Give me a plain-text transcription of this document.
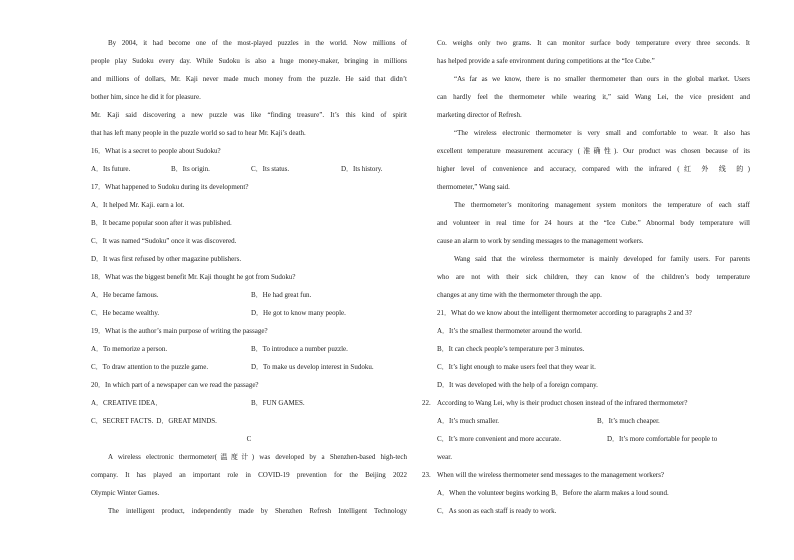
By 2004, it had become one of the most-played puzzles in the world. Now millions of
people play Sudoku every day. While Sudoku is also a huge money-maker, bringing in millions
and millions of dollars, Mr. Kaji never made much money from the puzzle. He said that didn’t
bother him, since he did it for pleasure.
Mr. Kaji said discovering a new puzzle was like “finding treasure”. It’s this kind of spirit
that has left many people in the puzzle world so sad to hear Mr. Kaji’s death.
16．What is a secret to people about Sudoku?
A．Its future.	B．Its origin.	C．Its status.	D．Its history.
17．What happened to Sudoku during its development?
A．It helped Mr. Kaji. earn a lot.
B．It became popular soon after it was published.
C．It was named “Sudoku” once it was discovered.
D．It was first refused by other magazine publishers.
18．What was the biggest benefit Mr. Kaji thought he got from Sudoku?
A．He became famous.	B．He had great fun.
C．He became wealthy.	D．He got to know many people.
19．What is the author’s main purpose of writing the passage?
A．To memorize a person.	B．To introduce a number puzzle.
C．To draw attention to the puzzle game.	D．To make us develop interest in Sudoku.
20．In which part of a newspaper can we read the passage?
A．CREATIVE IDEA．	B．FUN GAMES.
C．SECRET FACTS. D．GREAT MINDS.
C
A wireless electronic thermometer(温度计) was developed by a Shenzhen-based high-tech
company. It has played an important role in COVID-19 prevention for the Beijing 2022
Olympic Winter Games.
The intelligent product, independently made by Shenzhen Refresh Intelligent Technology
Co. weighs only two grams. It can monitor surface body temperature every three seconds. It
has helped provide a safe environment during competitions at the “Ice Cube.”
“As far as we know, there is no smaller thermometer than ours in the global market. Users
can hardly feel the thermometer while wearing it,” said Wang Lei, the vice president and
marketing director of Refresh.
“The wireless electronic thermometer is very small and comfortable to wear. It also has
excellent temperature measurement accuracy (准确性). Our product was chosen because of its
higher level of convenience and accuracy, compared with the infrared (红 外 线 的)
thermometer,” Wang said.
The thermometer’s monitoring management system monitors the temperature of each staff
and volunteer in real time for 24 hours at the “Ice Cube.” Abnormal body temperature will
cause an alarm to work by sending messages to the management workers.
Wang said that the wireless thermometer is mainly developed for family users. For parents
who are not with their sick children, they can know of the children’s body temperature
changes at any time with the thermometer through the app.
21．What do we know about the intelligent thermometer according to paragraphs 2 and 3?
A．It’s the smallest thermometer around the world.
B．It can check people’s temperature per 3 minutes.
C．It’s light enough to make users feel that they wear it.
D．It was developed with the help of a foreign company.
22. According to Wang Lei, why is their product chosen instead of the infrared thermometer?
A．It’s much smaller.	B．It’s much cheaper.
C．It’s more convenient and more accurate.	D．It’s more comfortable for people to
wear.
23. When will the wireless thermometer send messages to the management workers?
A．When the volunteer begins working B．Before the alarm makes a loud sound.
C．As soon as each staff is ready to work.
